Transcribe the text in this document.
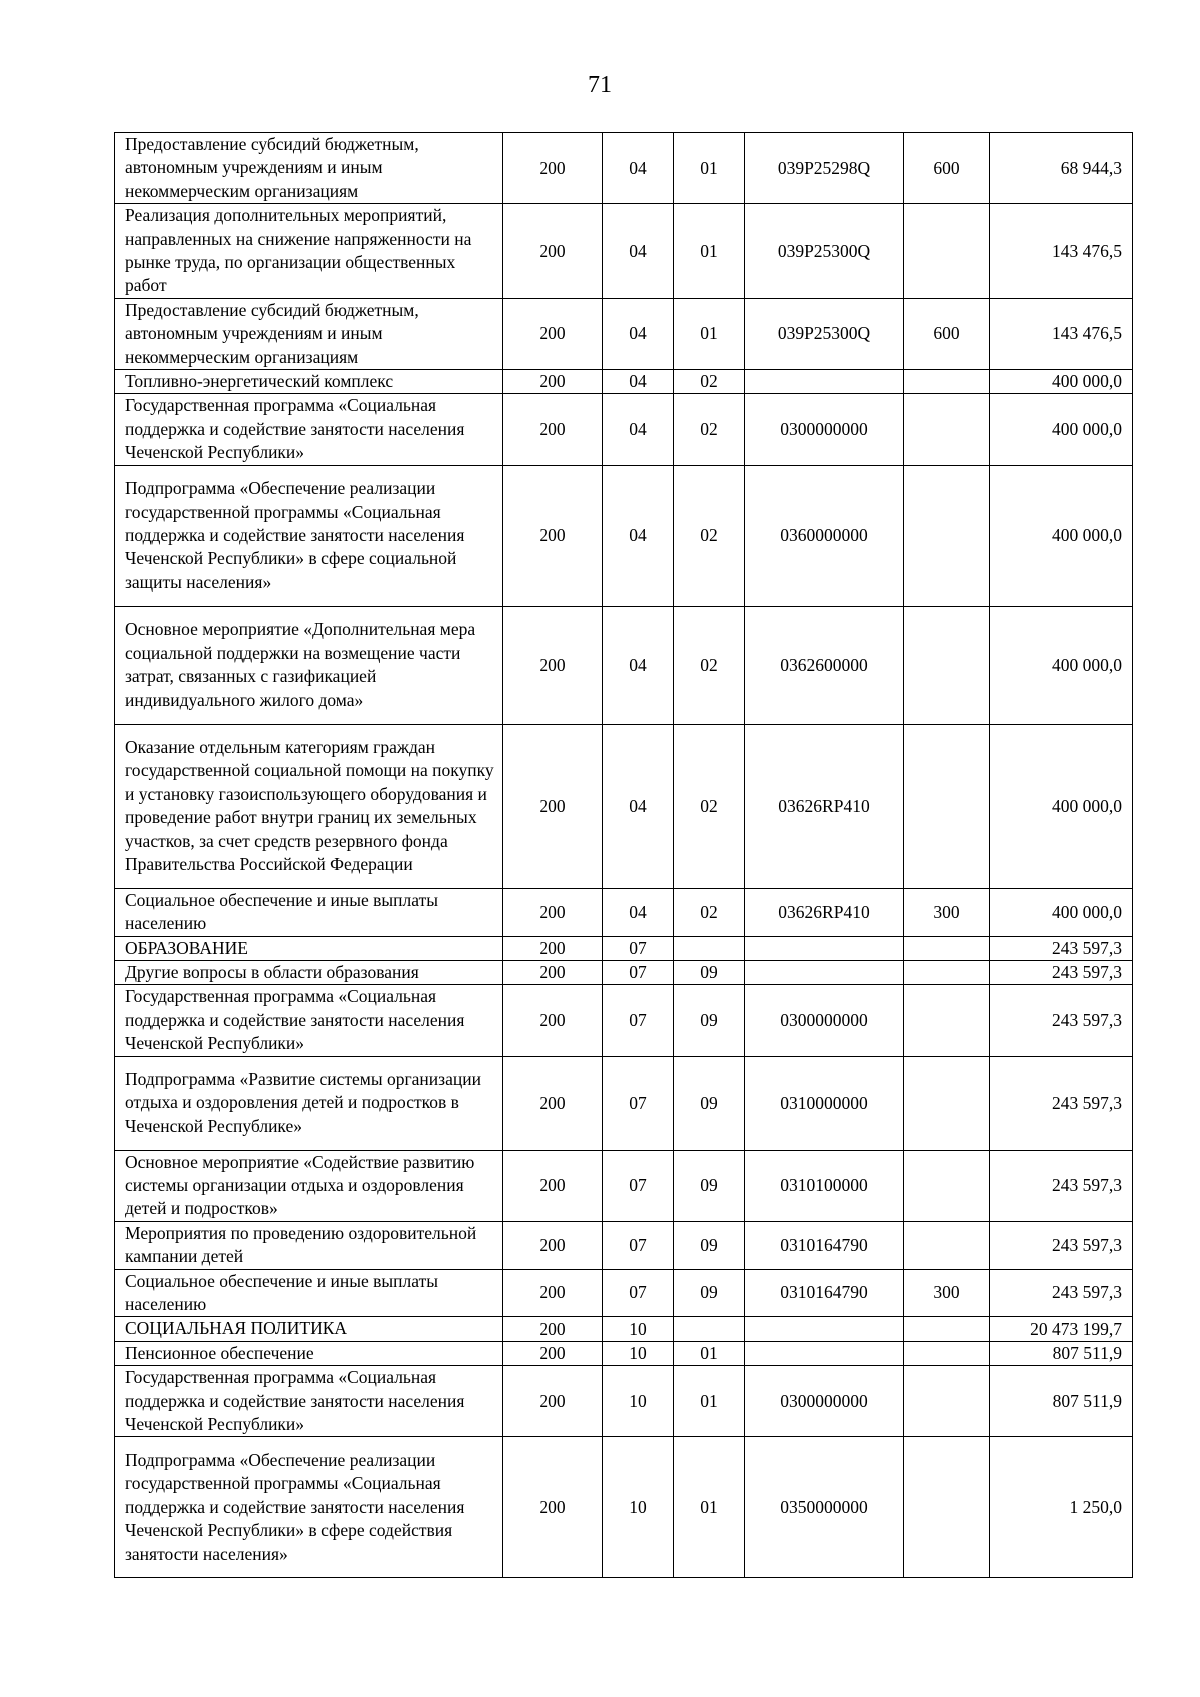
71
Предоставление субсидий бюджетным, автономным учреждениям и иным некоммерческим организациям	200	04	01	039P25298Q	600	68 944,3
Реализация дополнительных мероприятий, направленных на снижение напряженности на рынке труда, по организации общественных работ	200	04	01	039P25300Q		143 476,5
Предоставление субсидий бюджетным, автономным учреждениям и иным некоммерческим организациям	200	04	01	039P25300Q	600	143 476,5
Топливно-энергетический комплекс	200	04	02			400 000,0
Государственная программа «Социальная поддержка и содействие занятости населения Чеченской Республики»	200	04	02	0300000000		400 000,0
Подпрограмма «Обеспечение реализации государственной программы «Социальная поддержка и содействие занятости населения Чеченской Республики» в сфере социальной защиты населения»	200	04	02	0360000000		400 000,0
Основное мероприятие «Дополнительная мера социальной поддержки на возмещение части затрат, связанных с газификацией индивидуального жилого дома»	200	04	02	0362600000		400 000,0
Оказание отдельным категориям граждан государственной социальной помощи на покупку и установку газоиспользующего оборудования и проведение работ внутри границ их земельных участков, за счет средств резервного фонда Правительства Российской Федерации	200	04	02	03626RP410		400 000,0
Социальное обеспечение и иные выплаты населению	200	04	02	03626RP410	300	400 000,0
ОБРАЗОВАНИЕ	200	07				243 597,3
Другие вопросы в области образования	200	07	09			243 597,3
Государственная программа «Социальная поддержка и содействие занятости населения Чеченской Республики»	200	07	09	0300000000		243 597,3
Подпрограмма «Развитие системы организации отдыха и оздоровления детей и подростков в Чеченской Республике»	200	07	09	0310000000		243 597,3
Основное мероприятие «Содействие развитию системы организации отдыха и оздоровления детей и подростков»	200	07	09	0310100000		243 597,3
Мероприятия по проведению оздоровительной кампании детей	200	07	09	0310164790		243 597,3
Социальное обеспечение и иные выплаты населению	200	07	09	0310164790	300	243 597,3
СОЦИАЛЬНАЯ ПОЛИТИКА	200	10				20 473 199,7
Пенсионное обеспечение	200	10	01			807 511,9
Государственная программа «Социальная поддержка и содействие занятости населения Чеченской Республики»	200	10	01	0300000000		807 511,9
Подпрограмма «Обеспечение реализации государственной программы «Социальная поддержка и содействие занятости населения Чеченской Республики» в сфере содействия занятости населения»	200	10	01	0350000000		1 250,0
